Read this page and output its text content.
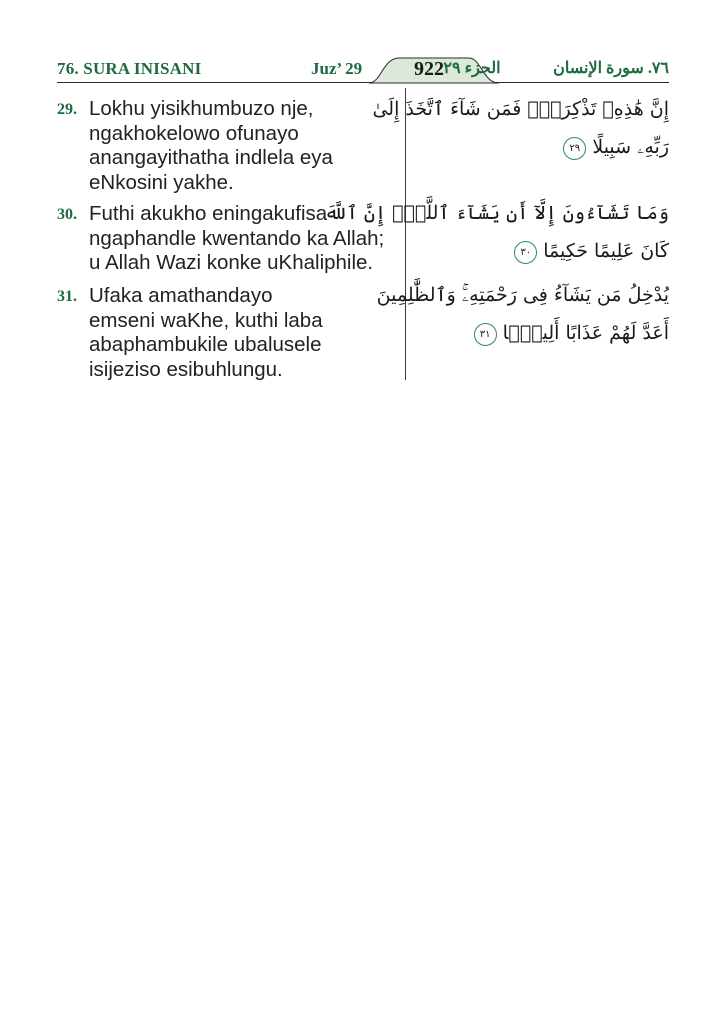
76. SURA INISANI	Juz’ 29	922 الجزء ٢٩	٧٦. سورة الإنسان
29. Lokhu yisikhumbuzo nje,
ngakhokelowo ofunayo
anangayithatha indlela eya
eNkosini yakhe.
30. Futhi akukho eningakufisa
ngaphandle kwentando ka Allah;
u Allah Wazi konke uKhaliphile.
31. Ufaka amathandayo
emseni waKhe, kuthi laba
abaphambukile ubalusele
isijeziso esibuhlungu.
إِنَّ هَٰذِهِۦ تَذْكِرَةٌۖ فَمَن شَآءَ ٱتَّخَذَ إِلَىٰ
رَبِّهِۦ سَبِيلًا ٢٩
وَمَا تَشَآءُونَ إِلَّآ أَن يَشَآءَ ٱللَّهُۚ إِنَّ ٱللَّهَ
كَانَ عَلِيمًا حَكِيمًا ٣٠
يُدْخِلُ مَن يَشَآءُ فِى رَحْمَتِهِۦۚ وَٱلظَّٰلِمِينَ
أَعَدَّ لَهُمْ عَذَابًا أَلِيمًۢا ٣١
